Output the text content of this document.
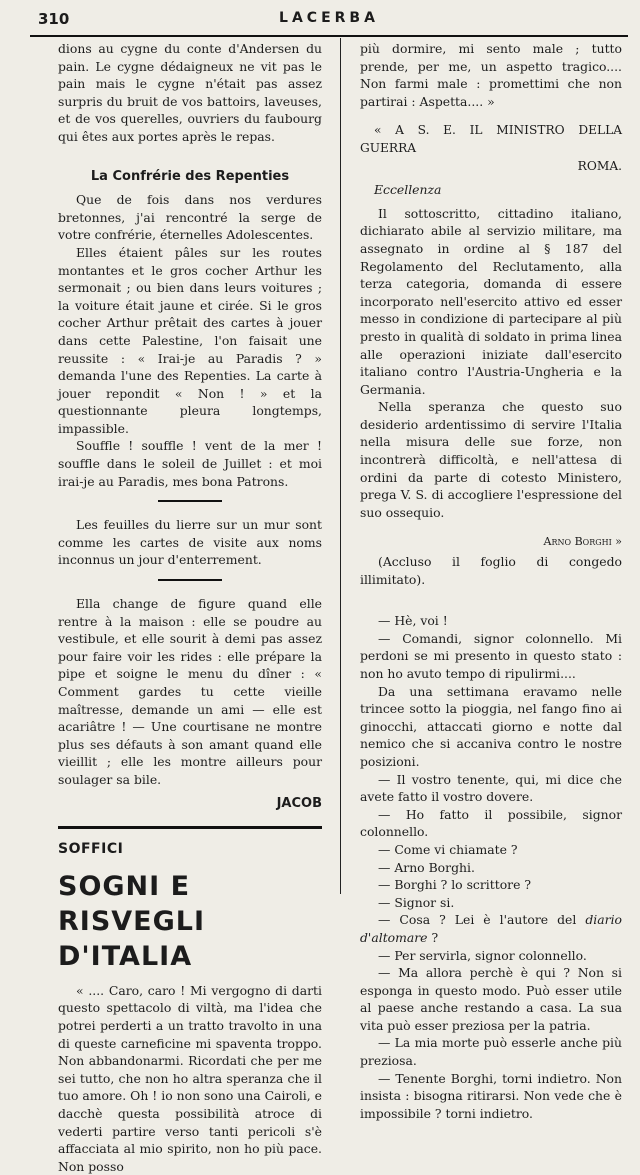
310	LACERBA

dions au cygne du conte d'Andersen du pain. Le cygne dédaigneux ne vit pas le pain mais le cygne n'était pas assez surpris du bruit de vos battoirs, laveuses, et de vos querelles, ouvriers du faubourg qui êtes aux portes après le repas.

La Confrérie des Repenties

Que de fois dans nos verdures bretonnes, j'ai rencontré la serge de votre confrérie, éternelles Adolescentes.

Elles étaient pâles sur les routes montantes et le gros cocher Arthur les sermonait ; ou bien dans leurs voitures ; la voiture était jaune et cirée. Si le gros cocher Arthur prêtait des cartes à jouer dans cette Palestine, l'on faisait une reussite : « Irai-je au Paradis ? » demanda l'une des Repenties. La carte à jouer repondit « Non ! » et la questionnante pleura longtemps, impassible.

Souffle ! souffle ! vent de la mer ! souffle dans le soleil de Juillet : et moi irai-je au Paradis, mes bona Patrons.

Les feuilles du lierre sur un mur sont comme les cartes de visite aux noms inconnus un jour d'enterrement.

Ella change de figure quand elle rentre à la maison : elle se poudre au vestibule, et elle sourit à demi pas assez pour faire voir les rides : elle prépare la pipe et soigne le menu du dîner : « Comment gardes tu cette vieille maîtresse, demande un ami — elle est acariâtre ! — Une courtisane ne montre plus ses défauts à son amant quand elle vieillit ; elle les montre ailleurs pour soulager sa bile.

JACOB
SOFFICI
SOGNI E RISVEGLI
D'ITALIA

« .... Caro, caro ! Mi vergogno di darti questo spettacolo di viltà, ma l'idea che potrei perderti a un tratto travolto in una di queste carneficine mi spaventa troppo. Non abbandonarmi. Ricordati che per me sei tutto, che non ho altra speranza che il tuo amore. Oh ! io non sono una Cairoli, e dacchè questa possibilità atroce di vederti partire verso tanti pericoli s'è affacciata al mio spirito, non ho più pace. Non posso

più dormire, mi sento male ; tutto prende, per me, un aspetto tragico.... Non farmi male : promettimi che non partirai : Aspetta.... »

« A S. E. IL MINISTRO DELLA GUERRA

ROMA.
Eccellenza

Il sottoscritto, cittadino italiano, dichiarato abile al servizio militare, ma assegnato in ordine al § 187 del Regolamento del Reclutamento, alla terza categoria, domanda di essere incorporato nell'esercito attivo ed esser messo in condizione di partecipare al più presto in qualità di soldato in prima linea alle operazioni iniziate dall'esercito italiano contro l'Austria-Ungheria e la Germania.

Nella speranza che questo suo desiderio ardentissimo di servire l'Italia nella misura delle sue forze, non incontrerà difficoltà, e nell'attesa di ordini da parte di cotesto Ministero, prega V. S. di accogliere l'espressione del suo ossequio.

Arno Borghi »

(Accluso il foglio di congedo illimitato).

— Hè, voi !

— Comandi, signor colonnello. Mi perdoni se mi presento in questo stato : non ho avuto tempo di ripulirmi....

Da una settimana eravamo nelle trincee sotto la pioggia, nel fango fino ai ginocchi, attaccati giorno e notte dal nemico che si accaniva contro le nostre posizioni.

— Il vostro tenente, qui, mi dice che avete fatto il vostro dovere.

— Ho fatto il possibile, signor colonnello.

— Come vi chiamate ?

— Arno Borghi.

— Borghi ? lo scrittore ?

— Signor si.

— Cosa ? Lei è l'autore del diario d'altomare ?

— Per servirla, signor colonnello.

— Ma allora perchè è qui ? Non si esponga in questo modo. Può esser utile al paese anche restando a casa. La sua vita può esser preziosa per la patria.

— La mia morte può esserle anche più preziosa.

— Tenente Borghi, torni indietro. Non insista : bisogna ritirarsi. Non vede che è impossibile ? torni indietro.
